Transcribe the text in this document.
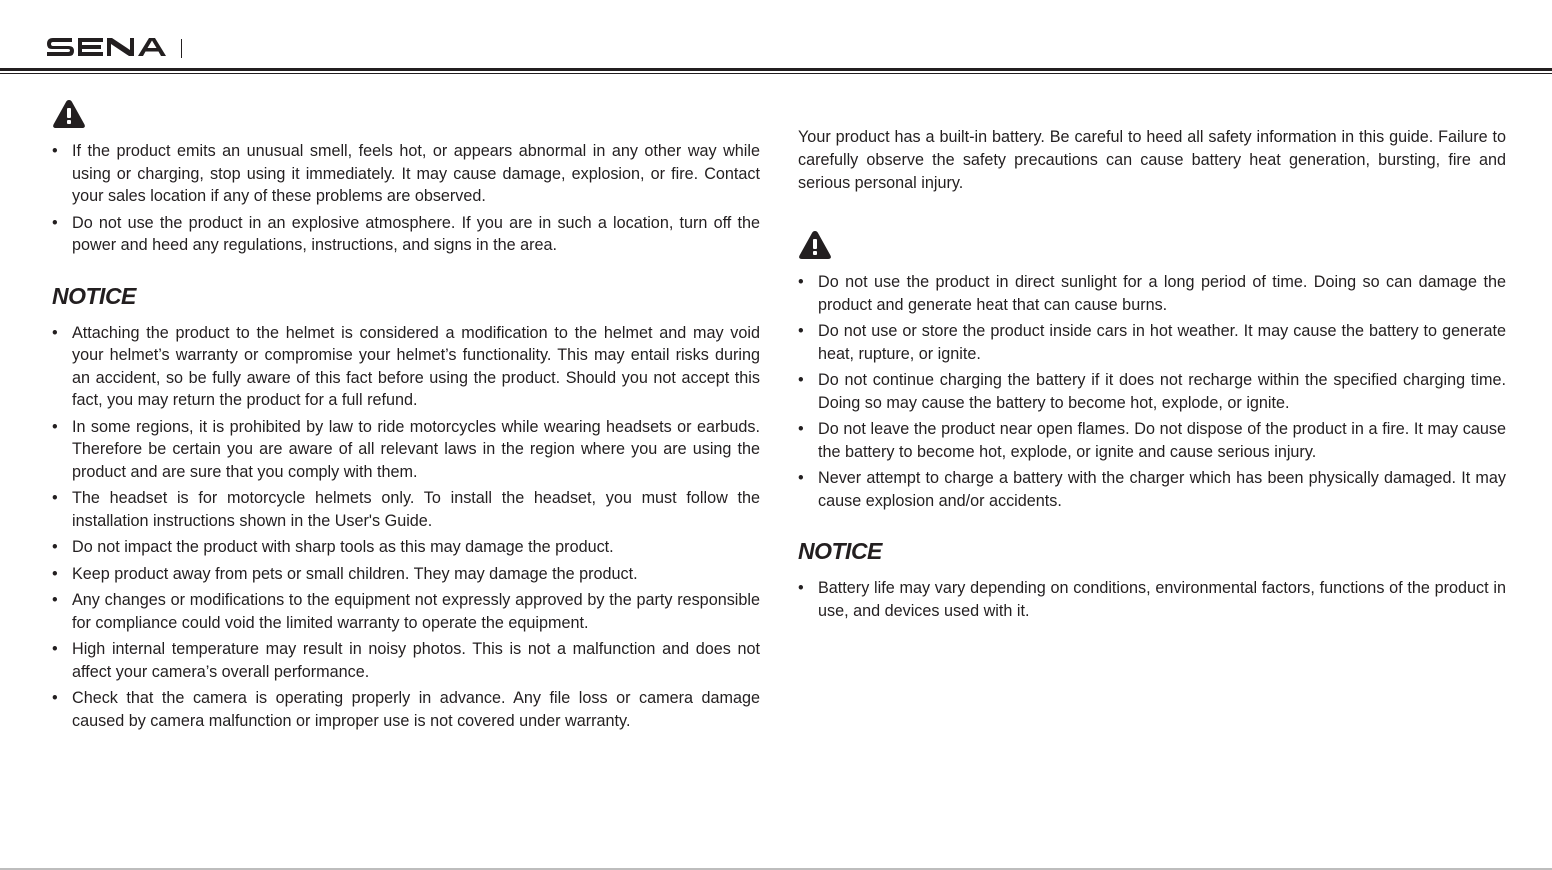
• If the product emits an unusual smell, feels hot, or appears abnormal in any other way while using or charging, stop using it immediately. It may cause damage, explosion, or fire. Contact your sales location if any of these problems are observed.
• Do not use the product in an explosive atmosphere. If you are in such a location, turn off the power and heed any regulations, instructions, and signs in the area.
NOTICE
• Attaching the product to the helmet is considered a modification to the helmet and may void your helmet’s warranty or compromise your helmet’s functionality. This may entail risks during an accident, so be fully aware of this fact before using the product. Should you not accept this fact, you may return the product for a full refund.
• In some regions, it is prohibited by law to ride motorcycles while wearing headsets or earbuds. Therefore be certain you are aware of all relevant laws in the region where you are using the product and are sure that you comply with them.
• The headset is for motorcycle helmets only. To install the headset, you must follow the installation instructions shown in the User's Guide.
• Do not impact the product with sharp tools as this may damage the product.
• Keep product away from pets or small children. They may damage the product.
• Any changes or modifications to the equipment not expressly approved by the party responsible for compliance could void the limited warranty to operate the equipment.
• High internal temperature may result in noisy photos. This is not a malfunction and does not affect your camera’s overall performance.
• Check that the camera is operating properly in advance. Any file loss or camera damage caused by camera malfunction or improper use is not covered under warranty.

Your product has a built-in battery. Be careful to heed all safety information in this guide. Failure to carefully observe the safety precautions can cause battery heat generation, bursting, fire and serious personal injury.

• Do not use the product in direct sunlight for a long period of time. Doing so can damage the product and generate heat that can cause burns.
• Do not use or store the product inside cars in hot weather. It may cause the battery to generate heat, rupture, or ignite.
• Do not continue charging the battery if it does not recharge within the specified charging time. Doing so may cause the battery to become hot, explode, or ignite.
• Do not leave the product near open flames. Do not dispose of the product in a fire. It may cause the battery to become hot, explode, or ignite and cause serious injury.
• Never attempt to charge a battery with the charger which has been physically damaged. It may cause explosion and/or accidents.
NOTICE
• Battery life may vary depending on conditions, environmental factors, functions of the product in use, and devices used with it.
